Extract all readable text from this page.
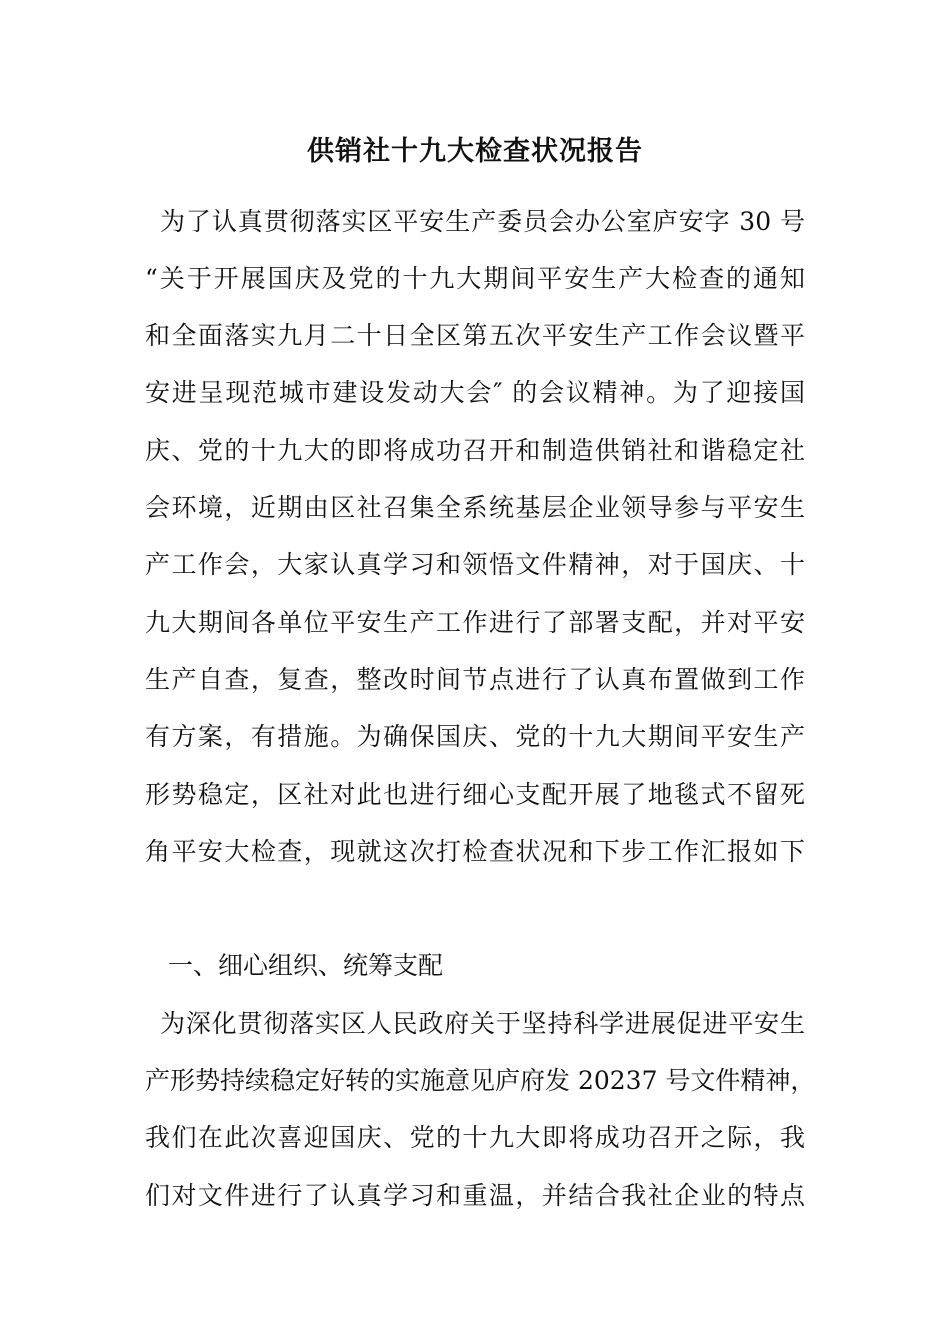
供销社十九大检查状况报告
为了认真贯彻落实区平安生产委员会办公室庐安字 30 号
“关于开展国庆及党的十九大期间平安生产大检查的通知
和全面落实九月二十日全区第五次平安生产工作会议暨平
安进呈现范城市建设发动大会″ 的会议精神。为了迎接国
庆、党的十九大的即将成功召开和制造供销社和谐稳定社
会环境，近期由区社召集全系统基层企业领导参与平安生
产工作会，大家认真学习和领悟文件精神，对于国庆、十
九大期间各单位平安生产工作进行了部署支配，并对平安
生产自查，复查，整改时间节点进行了认真布置做到工作
有方案，有措施。为确保国庆、党的十九大期间平安生产
形势稳定，区社对此也进行细心支配开展了地毯式不留死
角平安大检查，现就这次打检查状况和下步工作汇报如下
一、细心组织、统筹支配
为深化贯彻落实区人民政府关于坚持科学进展促进平安生
产形势持续稳定好转的实施意见庐府发 20237 号文件精神，
我们在此次喜迎国庆、党的十九大即将成功召开之际，我
们对文件进行了认真学习和重温，并结合我社企业的特点
